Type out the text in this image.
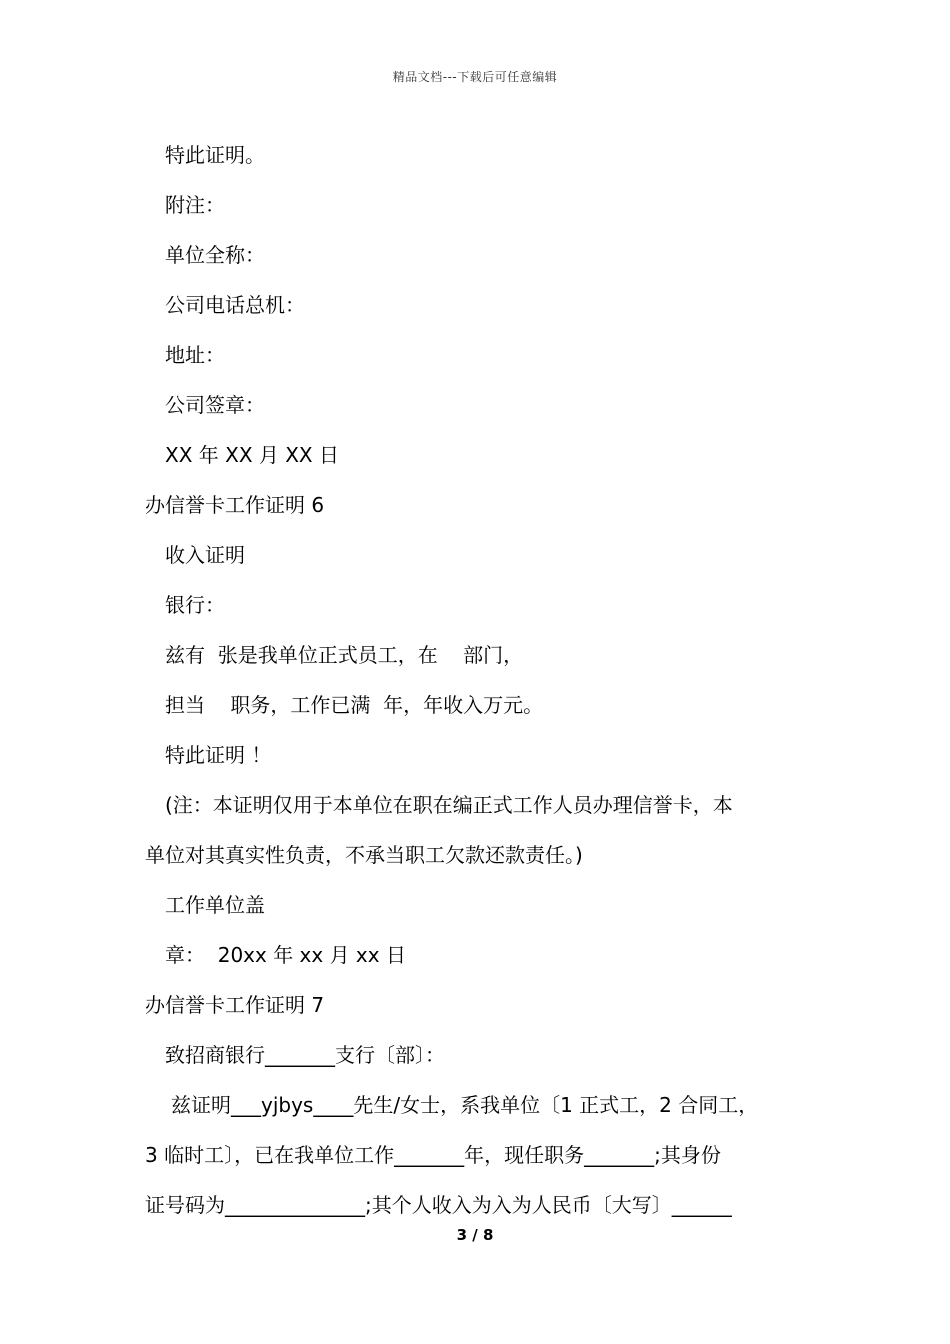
精品文档---下载后可任意编辑
特此证明。
附注：
单位全称：
公司电话总机：
地址：
公司签章：
XX 年 XX 月 XX 日
办信誉卡工作证明 6
收入证明
银行：
兹有  张是我单位正式员工，在    部门，
担当    职务，工作已满  年，年收入万元。
特此证明 ！
(注：本证明仅用于本单位在职在编正式工作人员办理信誉卡，本
单位对其真实性负责，不承当职工欠款还款责任。)
工作单位盖
章：  20xx 年 xx 月 xx 日
办信誉卡工作证明 7
致招商银行_______支行〔部〕：
兹证明___yjbys____先生/女士，系我单位〔1 正式工，2 合同工，
3 临时工〕，已在我单位工作_______年，现任职务_______;其身份
证号码为______________;其个人收入为入为人民币〔大写〕______
3 / 8
